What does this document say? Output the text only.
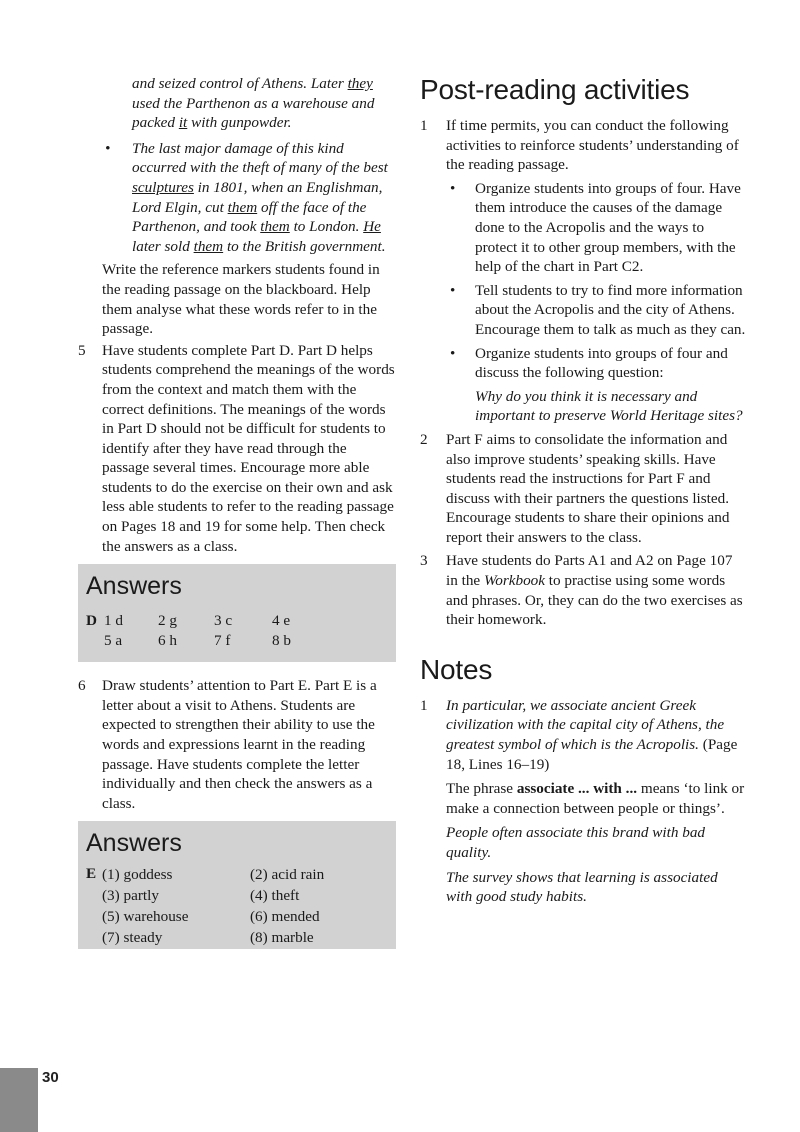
and seized control of Athens. Later they used the Parthenon as a warehouse and packed it with gunpowder.
• The last major damage of this kind occurred with the theft of many of the best sculptures in 1801, when an Englishman, Lord Elgin, cut them off the face of the Parthenon, and took them to London. He later sold them to the British government.

Write the reference markers students found in the reading passage on the blackboard. Help them analyse what these words refer to in the passage.

5 Have students complete Part D. Part D helps students comprehend the meanings of the words from the context and match them with the correct definitions. The meanings of the words in Part D should not be difficult for students to identify after they have read through the passage several times. Encourage more able students to do the exercise on their own and ask less able students to refer to the reading passage on Pages 18 and 19 for some help. Then check the answers as a class.
Answers
D	1 d	2 g	3 c	4 e
	5 a	6 h	7 f	8 b
6 Draw students’ attention to Part E. Part E is a letter about a visit to Athens. Students are expected to strengthen their ability to use the words and expressions learnt in the reading passage. Have students complete the letter individually and then check the answers as a class.
Answers
E	(1) goddess	(2) acid rain
	(3) partly	(4) theft
	(5) warehouse	(6) mended
	(7) steady	(8) marble
Post-reading activities
1 If time permits, you can conduct the following activities to reinforce students’ understanding of the reading passage.
• Organize students into groups of four. Have them introduce the causes of the damage done to the Acropolis and the ways to protect it to other group members, with the help of the chart in Part C2.
• Tell students to try to find more information about the Acropolis and the city of Athens. Encourage them to talk as much as they can.
• Organize students into groups of four and discuss the following question:

Why do you think it is necessary and important to preserve World Heritage sites?

2 Part F aims to consolidate the information and also improve students’ speaking skills. Have students read the instructions for Part F and discuss with their partners the questions listed. Encourage students to share their opinions and report their answers to the class.
3 Have students do Parts A1 and A2 on Page 107 in the Workbook to practise using some words and phrases. Or, they can do the two exercises as their homework.
Notes
1 In particular, we associate ancient Greek civilization with the capital city of Athens, the greatest symbol of which is the Acropolis. (Page 18, Lines 16–19)

The phrase associate ... with ... means ‘to link or make a connection between people or things’.

People often associate this brand with bad quality.

The survey shows that learning is associated with good study habits.

30
